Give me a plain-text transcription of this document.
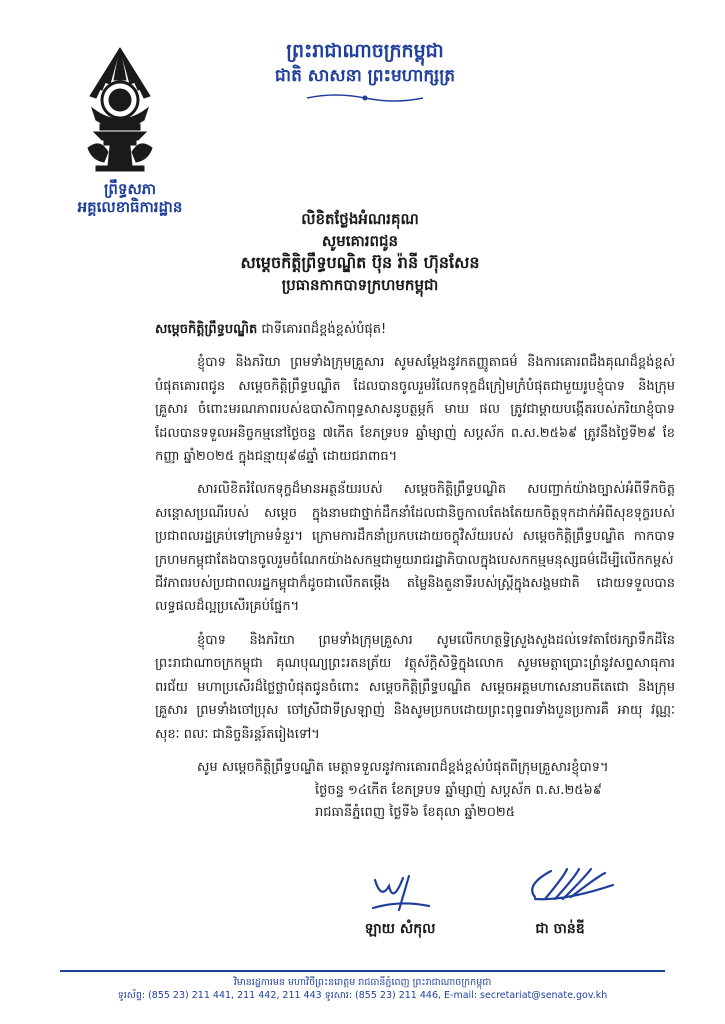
ព្រឹទ្ធសភា
អគ្គលេខាធិការដ្ឋាន
ព្រះរាជាណាចក្រកម្ពុជា
ជាតិ សាសនា ព្រះមហាក្សត្រ
លិខិតថ្លែងអំណរគុណ
សូមគោរពជូន
សម្តេចកិត្តិព្រឹទ្ធបណ្ឌិត ប៊ុន រ៉ានី ហ៊ុនសែន
ប្រធានកាកបាទក្រហមកម្ពុជា

សម្តេចកិត្តិព្រឹទ្ធបណ្ឌិត ជាទីគោរពដ៏ខ្ពង់ខ្ពស់បំផុត!

ខ្ញុំបាទ និងភរិយា ព្រមទាំងក្រុមគ្រួសារ សូមសម្តែងនូវកតញ្ញូតាធម៌ និងការគោរពដឹងគុណដ៏ខ្ពង់ខ្ពស់បំផុតគោរពជូន សម្តេចកិត្តិព្រឹទ្ធបណ្ឌិត ដែលបានចូលរួមរំលែកទុក្ខដ៏ក្រៀមក្រំបំផុតជាមួយរូបខ្ញុំបាទ និងក្រុមគ្រួសារ ចំពោះមរណភាពរបស់ឧបាសិកាពុទ្ធសាសនូបត្ថម្ភក៍ មាឃ ផល ត្រូវជាម្តាយបង្កើតរបស់ភរិយាខ្ញុំបាទ ដែលបានទទួលអនិច្ចកម្មនៅថ្ងៃចន្ទ ៧កើត ខែភទ្របទ ឆ្នាំម្សាញ់ សប្តស័ក ព.ស.២៥៦៩ ត្រូវនឹងថ្ងៃទី២៩ ខែកញ្ញា ឆ្នាំ២០២៥ ក្នុងជន្មាយុ៩៨ឆ្នាំ ដោយជរាពាធ។

សារលិខិតរំលែកទុក្ខដ៏មានអត្ថន័យរបស់ សម្តេចកិត្តិព្រឹទ្ធបណ្ឌិត សបញ្ជាក់យ៉ាងច្បាស់អំពីទឹកចិត្តសន្តោសប្រណីរបស់ សម្តេច ក្នុងនាមជាថ្នាក់ដឹកនាំដែលជានិច្ចកាលតែងតែយកចិត្តទុកដាក់អំពីសុខទុក្ខរបស់ប្រជាពលរដ្ឋគ្រប់ទៅក្រាមទំនួរ។ ក្រោមការដឹកនាំប្រកបដោយចក្ខុវិស័យរបស់ សម្តេចកិត្តិព្រឹទ្ធបណ្ឌិត កាកបាទក្រហមកម្ពុជាតែងបានចូលរួមចំណែកយ៉ាងសកម្មជាមួយរាជរដ្ឋាភិបាលក្នុងបេសកកម្មមនុស្សធម៌ដើម្បីលើកកម្ពស់ជីវភាពរបស់ប្រជាពលរដ្ឋកម្ពុជាក៏ដូចជាលើកតម្កើង តម្លៃនិងតួនាទីរបស់ស្ត្រីក្នុងសង្គមជាតិ ដោយទទួលបានលទ្ធផលដ៏ល្អប្រសើរគ្រប់ផ្នែក។

ខ្ញុំបាទ និងភរិយា ព្រមទាំងក្រុមគ្រួសារ សូមលើកហត្ថទ្វិស្រួងសួងដល់ទេវតាថែរក្សាទឹកដីនៃព្រះរាជាណាចក្រកម្ពុជា គុណបុណ្យព្រះរតនត្រ័យ វត្ថុស័ក្តិសិទ្ធិក្នុងលោក សូមមេត្តាប្រោះព្រំនូវសព្ទសាធុការពរជ័យ មហាប្រសើរដ៏ថ្លៃថ្លាបំផុតជូនចំពោះ សម្តេចកិត្តិព្រឹទ្ធបណ្ឌិត សម្តេចអគ្គមហាសេនាបតីតេជោ និងក្រុមគ្រួសារ ព្រមទាំងចៅប្រុស ចៅស្រីជាទីស្រឡាញ់ និងសូមប្រកបដោយព្រះពុទ្ធពរទាំងបួនប្រការគឺ អាយុ វណ្ណៈ សុខៈ ពលៈ ជានិច្ចនិរន្តរ៍តរៀងទៅ។

សូម សម្តេចកិត្តិព្រឹទ្ធបណ្ឌិត មេត្តាទទួលនូវការគោរពដ៏ខ្ពង់ខ្ពស់បំផុតពីក្រុមគ្រួសារខ្ញុំបាទ។

ថ្ងៃចន្ទ ១៤កើត ខែភទ្របទ ឆ្នាំម្សាញ់ សប្តស័ក ព.ស.២៥៦៩
រាជធានីភ្នំពេញ ថ្ងៃទី៦ ខែតុលា ឆ្នាំ២០២៥
ឡាយ សំកុល	ជា ចាន់ឌី
វិមានរដ្ឋការមន មហាវិថីព្រះនរោត្តម រាជធានីភ្នំពេញ ព្រះរាជាណាចក្រកម្ពុជា
ទូរស័ព្ទ: (855 23) 211 441, 211 442, 211 443 ទូរសារ: (855 23) 211 446, E-mail: secretariat@senate.gov.kh
